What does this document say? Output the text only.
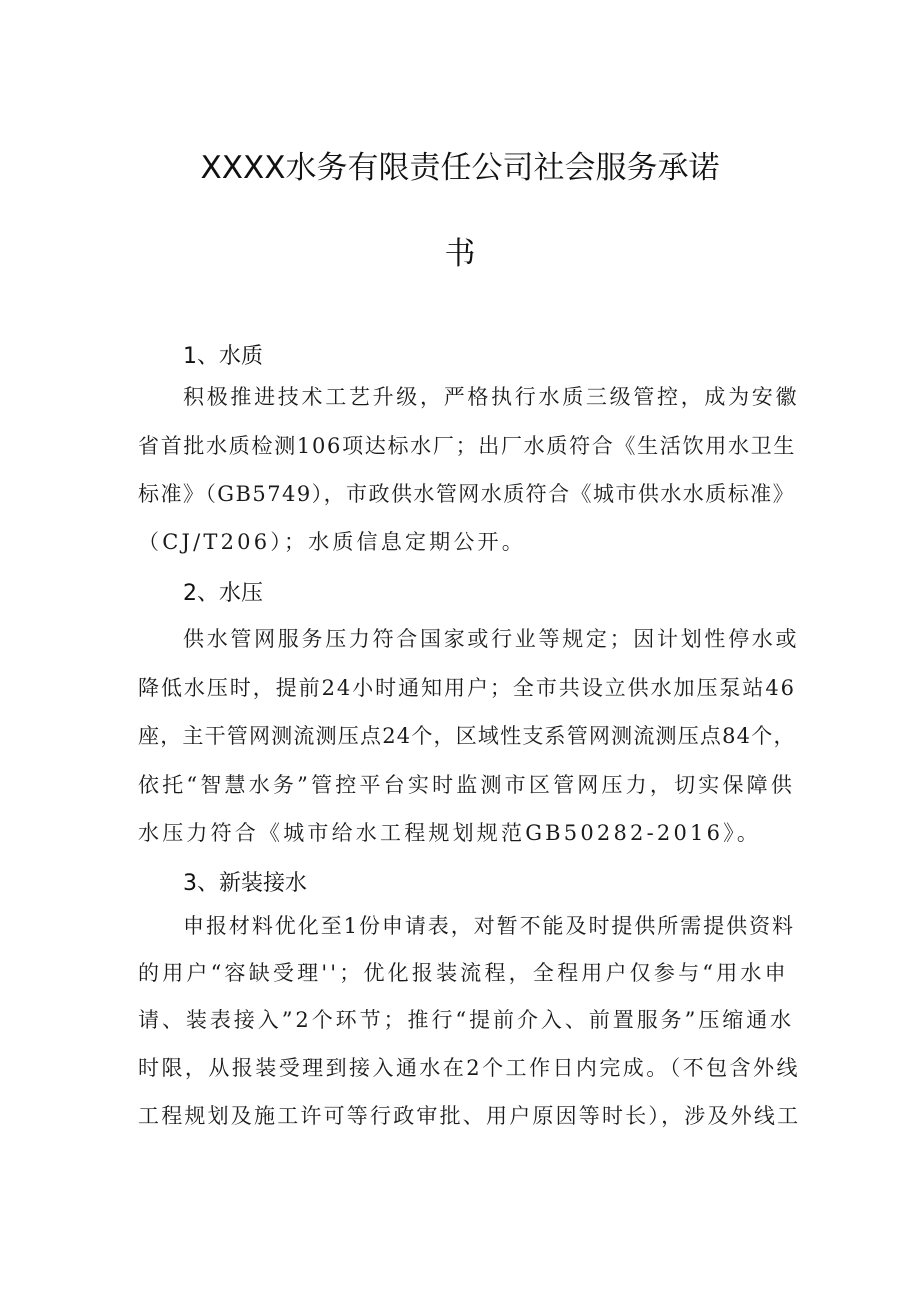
XXXX水务有限责任公司社会服务承诺
书
1、水质
积极推进技术工艺升级，严格执行水质三级管控，成为安徽
省首批水质检测106项达标水厂；出厂水质符合《生活饮用水卫生
标准》（GB5749），市政供水管网水质符合《城市供水水质标准》
（CJ/T206）；水质信息定期公开。
2、水压
供水管网服务压力符合国家或行业等规定；因计划性停水或
降低水压时，提前24小时通知用户；全市共设立供水加压泵站46
座，主干管网测流测压点24个，区域性支系管网测流测压点84个，
依托“智慧水务”管控平台实时监测市区管网压力，切实保障供
水压力符合《城市给水工程规划规范GB50282-2016》。
3、新装接水
申报材料优化至1份申请表，对暂不能及时提供所需提供资料
的用户“容缺受理''；优化报装流程，全程用户仅参与“用水申
请、装表接入”2个环节；推行“提前介入、前置服务”压缩通水
时限，从报装受理到接入通水在2个工作日内完成。（不包含外线
工程规划及施工许可等行政审批、用户原因等时长），涉及外线工
